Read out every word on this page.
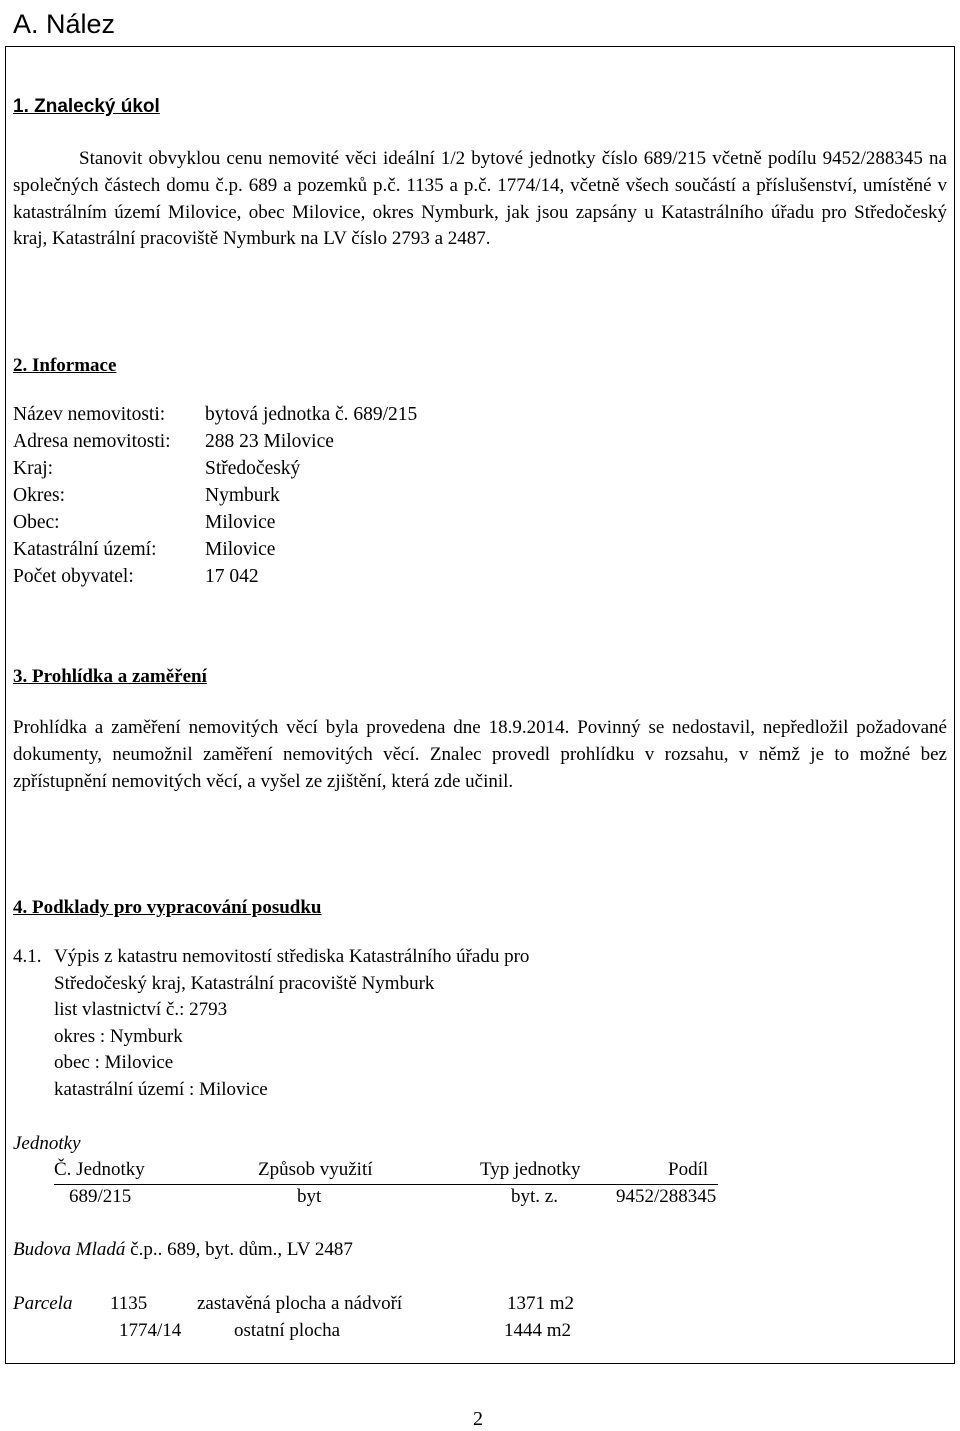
A. Nález
1. Znalecký úkol
Stanovit obvyklou cenu nemovité věci ideální 1/2 bytové jednotky číslo 689/215 včetně podílu 9452/288345 na společných částech domu č.p. 689 a pozemků p.č. 1135 a p.č. 1774/14, včetně všech součástí a příslušenství, umístěné v katastrálním území Milovice, obec Milovice, okres Nymburk, jak jsou zapsány u Katastrálního úřadu pro Středočeský kraj, Katastrální pracoviště Nymburk na LV číslo 2793 a 2487.
2. Informace
Název nemovitosti: bytová jednotka č. 689/215
Adresa nemovitosti: 288 23 Milovice
Kraj:	Středočeský
Okres:	Nymburk
Obec:	Milovice
Katastrální území: Milovice
Počet obyvatel:	17 042
3. Prohlídka a zaměření
Prohlídka a zaměření nemovitých věcí byla provedena dne 18.9.2014. Povinný se nedostavil, nepředložil požadované dokumenty, neumožnil zaměření nemovitých věcí. Znalec provedl prohlídku v rozsahu, v němž je to možné bez zpřístupnění nemovitých věcí, a vyšel ze zjištění, která zde učinil.
4. Podklady pro vypracování posudku
4.1. Výpis z katastru nemovitostí střediska Katastrálního úřadu pro
Středočeský kraj, Katastrální pracoviště Nymburk
list vlastnictví č.: 2793
okres : Nymburk
obec : Milovice
katastrální území : Milovice
Jednotky
Č. Jednotky	Způsob využití	Typ jednotky	Podíl
689/215	byt	byt. z.	9452/288345
Budova Mladá č.p.. 689, byt. dům., LV 2487
Parcela 1135	zastavěná plocha a nádvoří	1371 m2
1774/14	ostatní plocha	1444 m2
2
